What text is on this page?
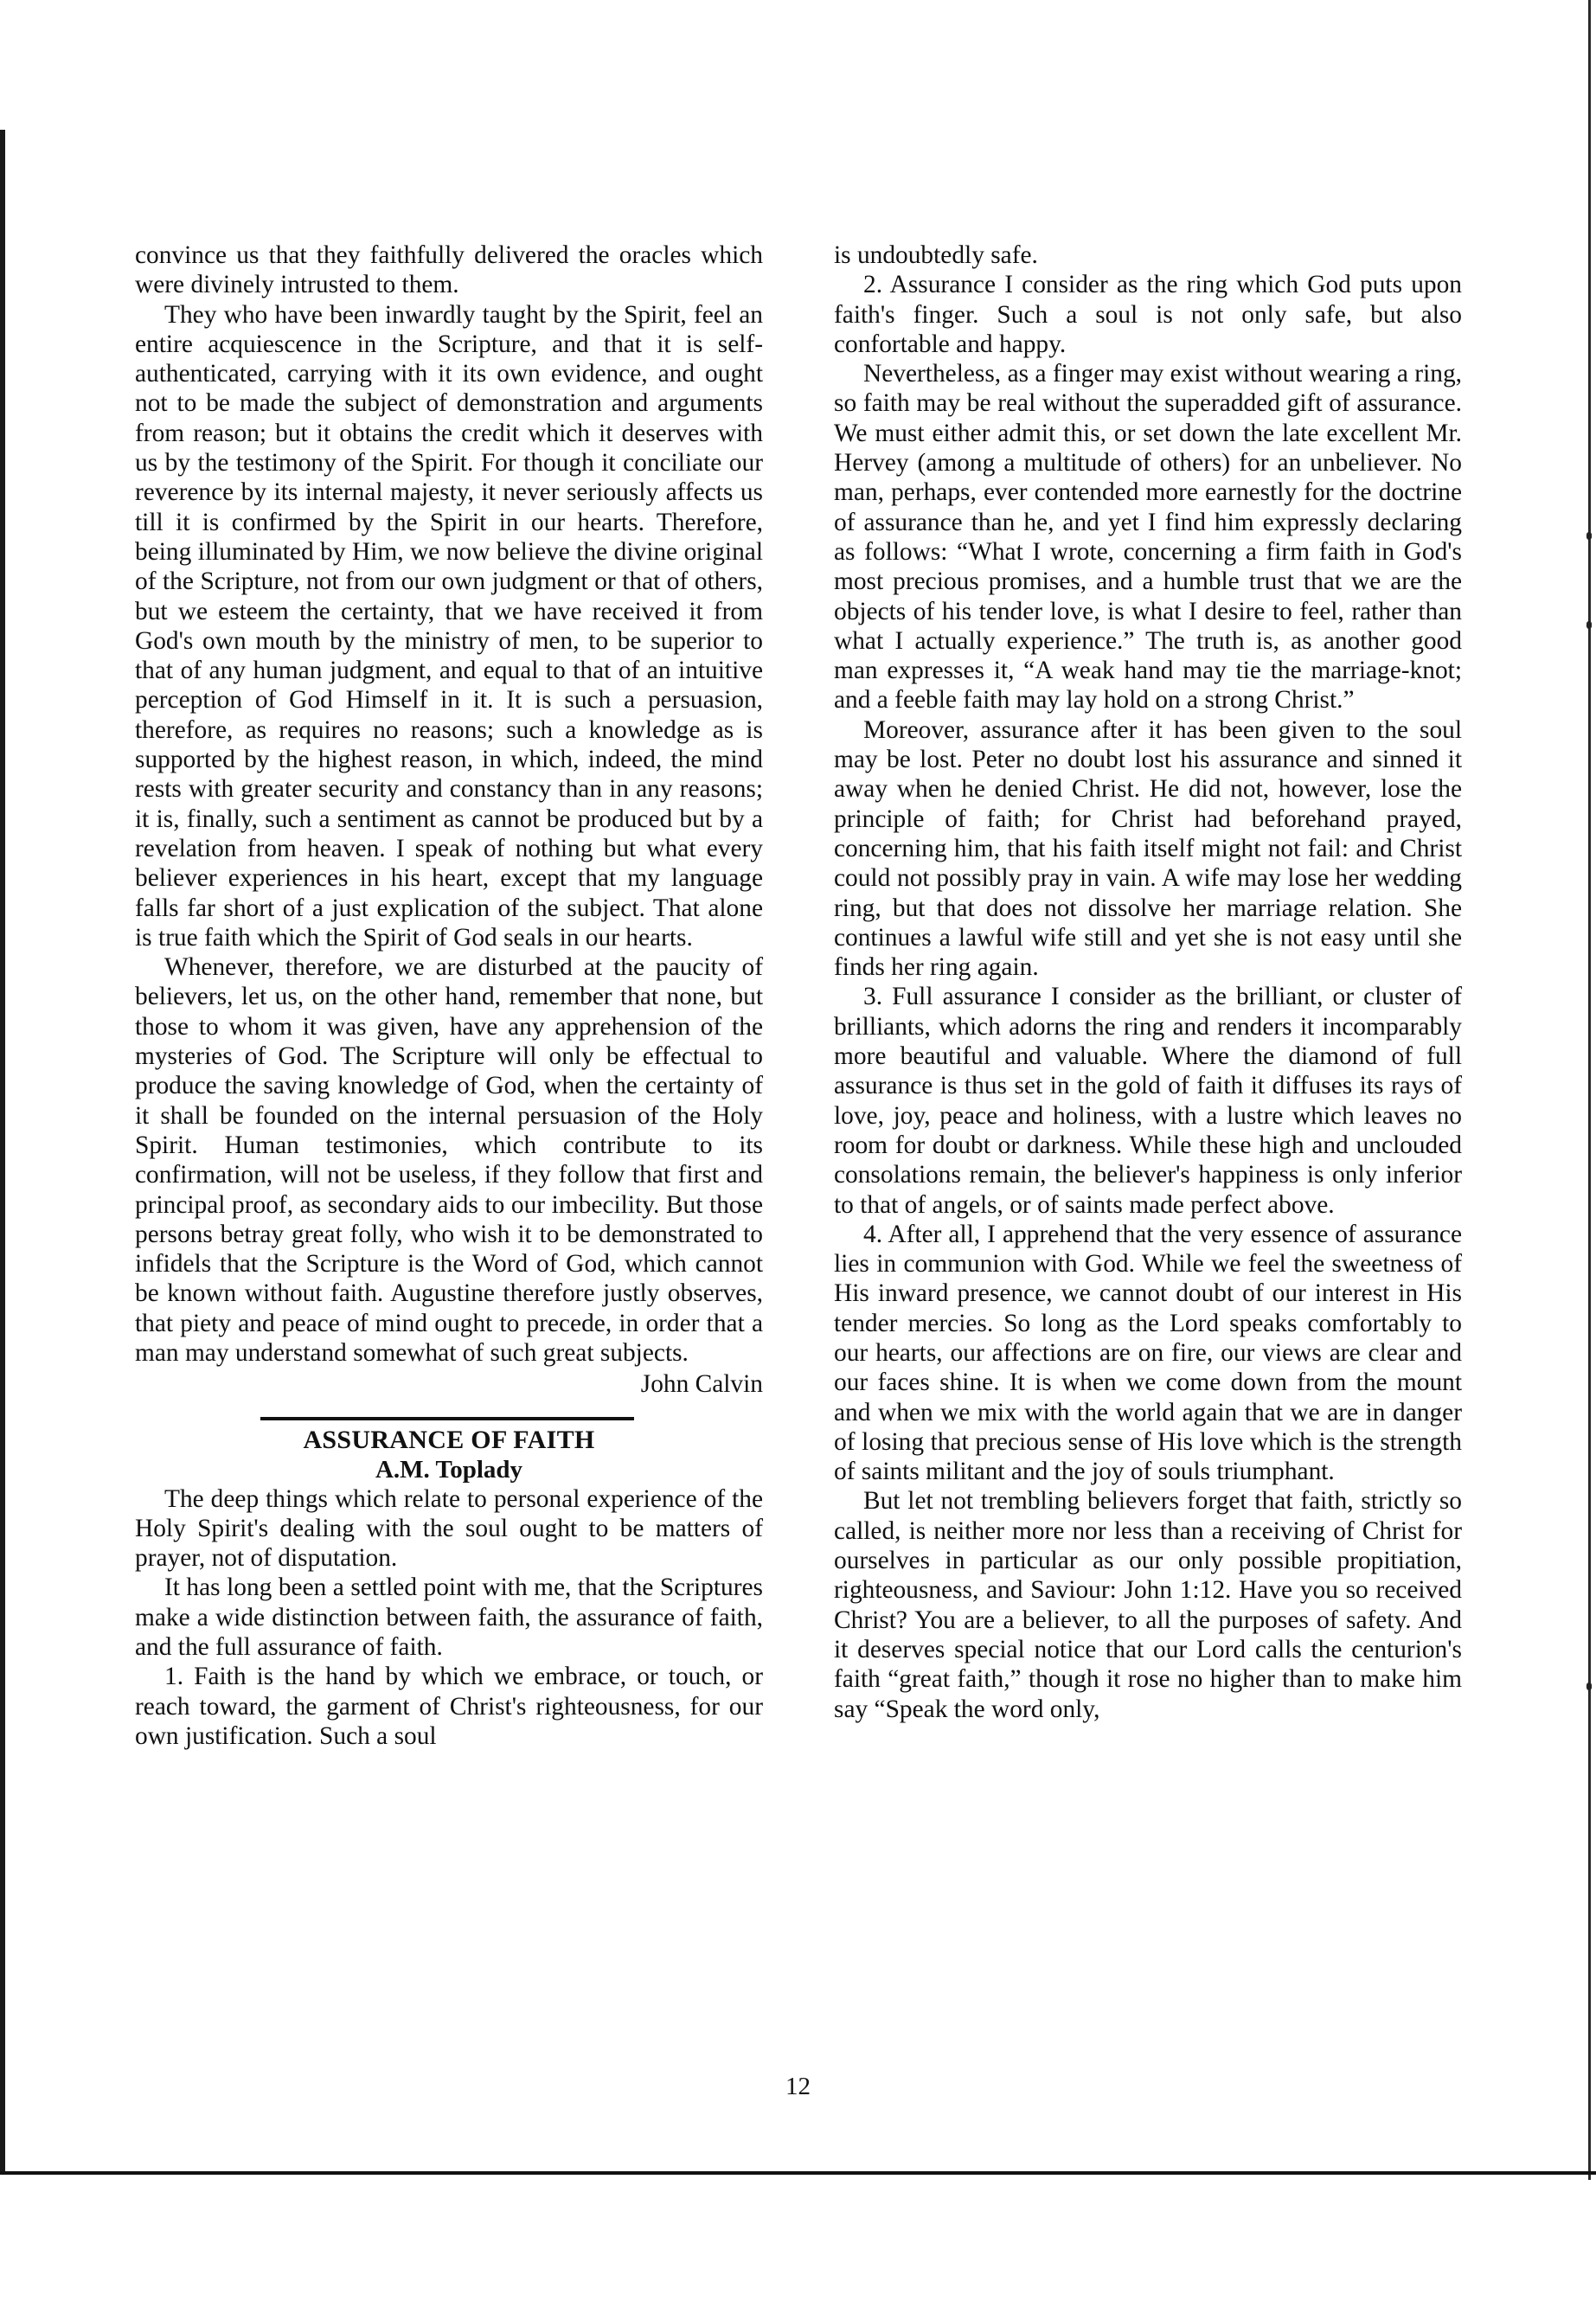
convince us that they faithfully delivered the oracles which were divinely intrusted to them.

They who have been inwardly taught by the Spirit, feel an entire acquiescence in the Scripture, and that it is self-authenticated, carrying with it its own evidence, and ought not to be made the subject of demonstration and arguments from reason; but it obtains the credit which it deserves with us by the testimony of the Spirit. For though it conciliate our reverence by its internal majesty, it never seriously affects us till it is confirmed by the Spirit in our hearts. Therefore, being illuminated by Him, we now believe the divine original of the Scripture, not from our own judgment or that of others, but we esteem the certainty, that we have received it from God's own mouth by the ministry of men, to be superior to that of any human judgment, and equal to that of an intuitive perception of God Himself in it. It is such a persuasion, therefore, as requires no reasons; such a knowledge as is supported by the highest reason, in which, indeed, the mind rests with greater security and constancy than in any reasons; it is, finally, such a sentiment as cannot be produced but by a revelation from heaven. I speak of nothing but what every believer experiences in his heart, except that my language falls far short of a just explication of the subject. That alone is true faith which the Spirit of God seals in our hearts.

Whenever, therefore, we are disturbed at the paucity of believers, let us, on the other hand, remember that none, but those to whom it was given, have any apprehension of the mysteries of God. The Scripture will only be effectual to produce the saving knowledge of God, when the certainty of it shall be founded on the internal persuasion of the Holy Spirit. Human testimonies, which contribute to its confirmation, will not be useless, if they follow that first and principal proof, as secondary aids to our imbecility. But those persons betray great folly, who wish it to be demonstrated to infidels that the Scripture is the Word of God, which cannot be known without faith. Augustine therefore justly observes, that piety and peace of mind ought to precede, in order that a man may understand somewhat of such great subjects.

John Calvin
ASSURANCE OF FAITH
A.M. Toplady

The deep things which relate to personal experience of the Holy Spirit's dealing with the soul ought to be matters of prayer, not of disputation.

It has long been a settled point with me, that the Scriptures make a wide distinction between faith, the assurance of faith, and the full assurance of faith.

1. Faith is the hand by which we embrace, or touch, or reach toward, the garment of Christ's righteousness, for our own justification. Such a soul

is undoubtedly safe.

2. Assurance I consider as the ring which God puts upon faith's finger. Such a soul is not only safe, but also confortable and happy.

Nevertheless, as a finger may exist without wearing a ring, so faith may be real without the superadded gift of assurance. We must either admit this, or set down the late excellent Mr. Hervey (among a multitude of others) for an unbeliever. No man, perhaps, ever contended more earnestly for the doctrine of assurance than he, and yet I find him expressly declaring as follows: “What I wrote, concerning a firm faith in God's most precious promises, and a humble trust that we are the objects of his tender love, is what I desire to feel, rather than what I actually experience.” The truth is, as another good man expresses it, “A weak hand may tie the marriage-knot; and a feeble faith may lay hold on a strong Christ.”

Moreover, assurance after it has been given to the soul may be lost. Peter no doubt lost his assurance and sinned it away when he denied Christ. He did not, however, lose the principle of faith; for Christ had beforehand prayed, concerning him, that his faith itself might not fail: and Christ could not possibly pray in vain. A wife may lose her wedding ring, but that does not dissolve her marriage relation. She continues a lawful wife still and yet she is not easy until she finds her ring again.

3. Full assurance I consider as the brilliant, or cluster of brilliants, which adorns the ring and renders it incomparably more beautiful and valuable. Where the diamond of full assurance is thus set in the gold of faith it diffuses its rays of love, joy, peace and holiness, with a lustre which leaves no room for doubt or darkness. While these high and unclouded consolations remain, the believer's happiness is only inferior to that of angels, or of saints made perfect above.

4. After all, I apprehend that the very essence of assurance lies in communion with God. While we feel the sweetness of His inward presence, we cannot doubt of our interest in His tender mercies. So long as the Lord speaks comfortably to our hearts, our affections are on fire, our views are clear and our faces shine. It is when we come down from the mount and when we mix with the world again that we are in danger of losing that precious sense of His love which is the strength of saints militant and the joy of souls triumphant.

But let not trembling believers forget that faith, strictly so called, is neither more nor less than a receiving of Christ for ourselves in particular as our only possible propitiation, righteousness, and Saviour: John 1:12. Have you so received Christ? You are a believer, to all the purposes of safety. And it deserves special notice that our Lord calls the centurion's faith “great faith,” though it rose no higher than to make him say “Speak the word only,

12
